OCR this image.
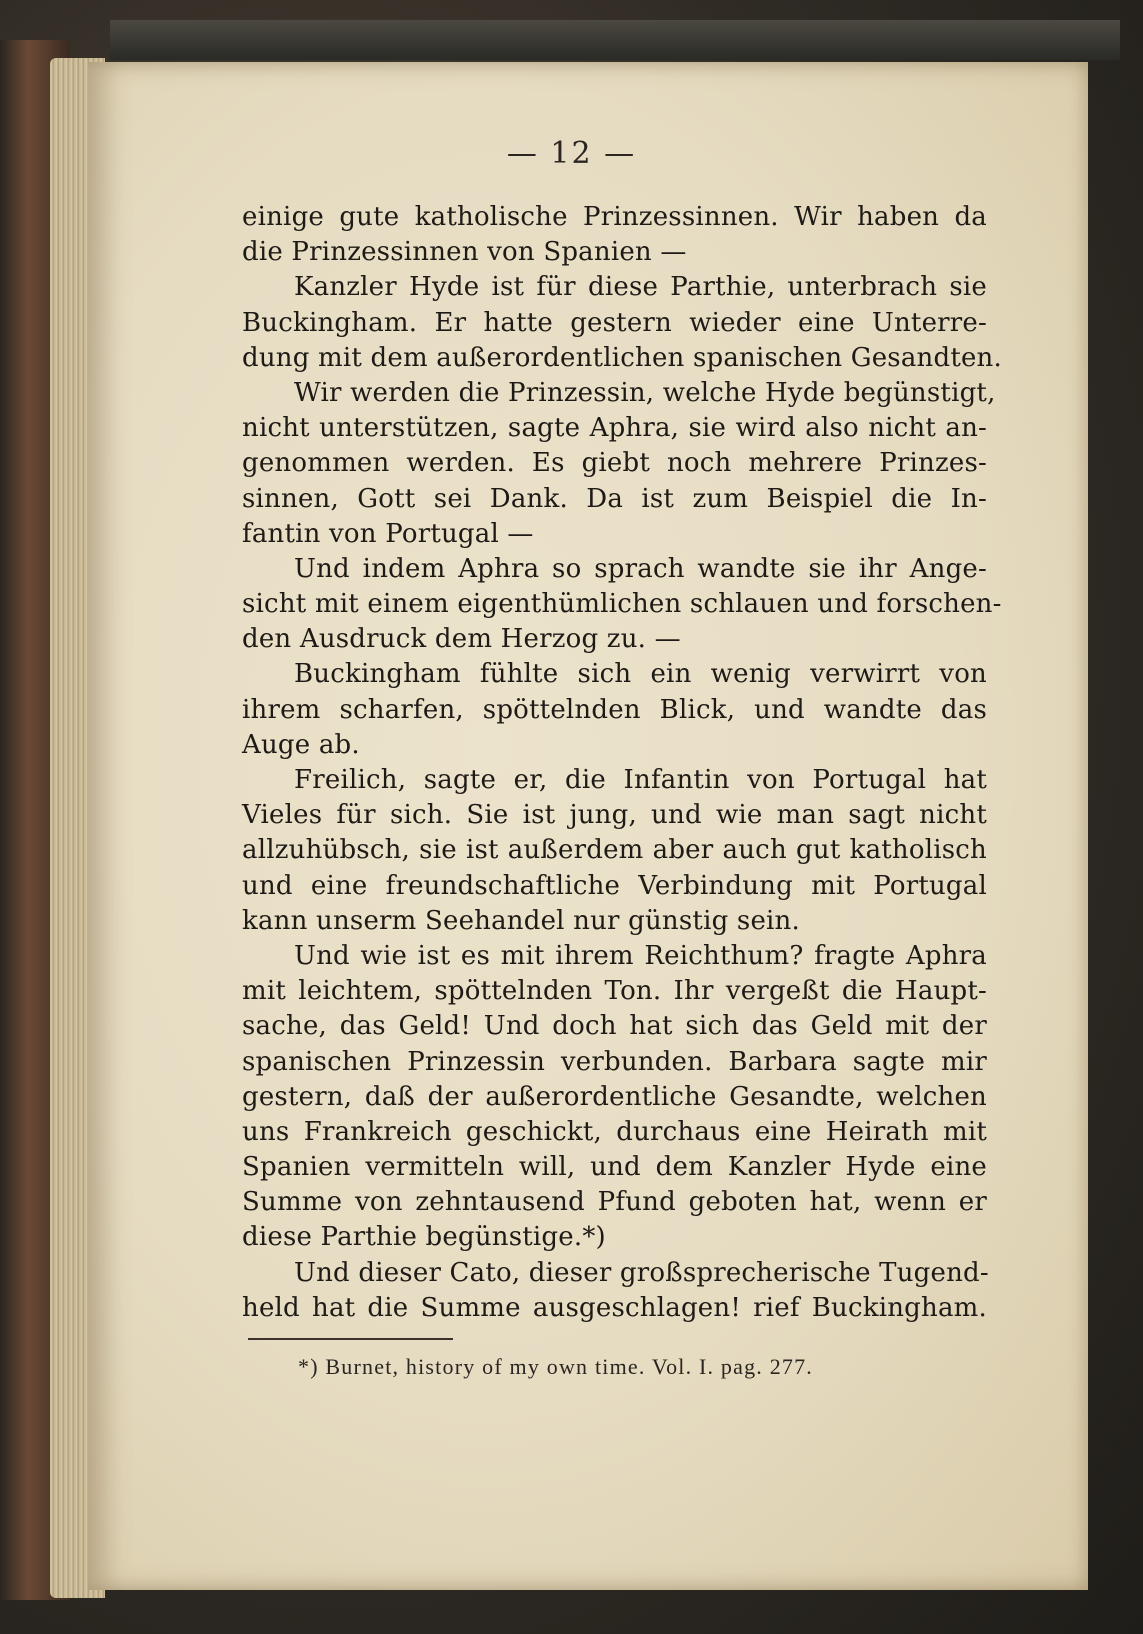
— 12 —
einige gute katholische Prinzessinnen. Wir haben da
die Prinzessinnen von Spanien —
Kanzler Hyde ist für diese Parthie, unterbrach sie
Buckingham. Er hatte gestern wieder eine Unterre-
dung mit dem außerordentlichen spanischen Gesandten.
Wir werden die Prinzessin, welche Hyde begünstigt,
nicht unterstützen, sagte Aphra, sie wird also nicht an-
genommen werden. Es giebt noch mehrere Prinzes-
sinnen, Gott sei Dank. Da ist zum Beispiel die In-
fantin von Portugal —
Und indem Aphra so sprach wandte sie ihr Ange-
sicht mit einem eigenthümlichen schlauen und forschen-
den Ausdruck dem Herzog zu. —
Buckingham fühlte sich ein wenig verwirrt von
ihrem scharfen, spöttelnden Blick, und wandte das
Auge ab.
Freilich, sagte er, die Infantin von Portugal hat
Vieles für sich. Sie ist jung, und wie man sagt nicht
allzuhübsch, sie ist außerdem aber auch gut katholisch
und eine freundschaftliche Verbindung mit Portugal
kann unserm Seehandel nur günstig sein.
Und wie ist es mit ihrem Reichthum? fragte Aphra
mit leichtem, spöttelnden Ton. Ihr vergeßt die Haupt-
sache, das Geld! Und doch hat sich das Geld mit der
spanischen Prinzessin verbunden. Barbara sagte mir
gestern, daß der außerordentliche Gesandte, welchen
uns Frankreich geschickt, durchaus eine Heirath mit
Spanien vermitteln will, und dem Kanzler Hyde eine
Summe von zehntausend Pfund geboten hat, wenn er
diese Parthie begünstige.*)
Und dieser Cato, dieser großsprecherische Tugend-
held hat die Summe ausgeschlagen! rief Buckingham.
*) Burnet, history of my own time. Vol. I. pag. 277.
